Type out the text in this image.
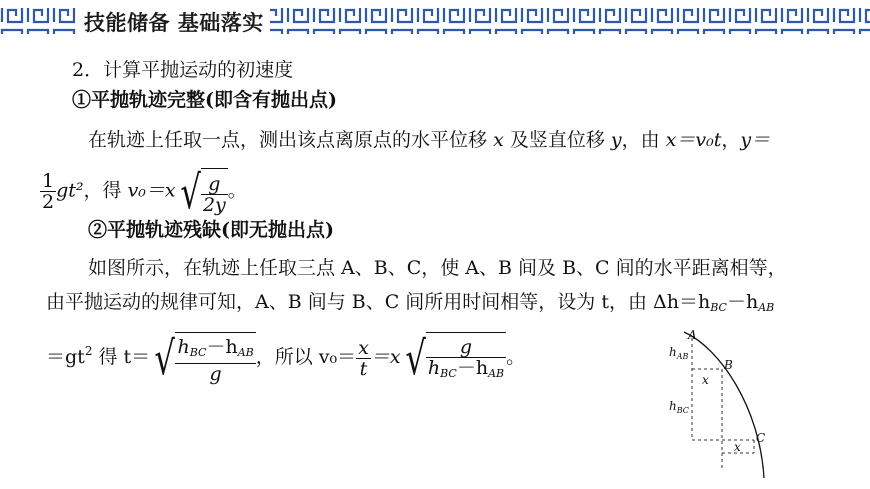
技能储备 基础落实
2．计算平抛运动的初速度
①平抛轨迹完整(即含有抛出点)
在轨迹上任取一点，测出该点离原点的水平位移 x 及竖直位移 y，由 x＝v₀t，y＝
$\frac{1}{2} gt^2$，得 $v_0=x√ \frac{g}{2y}$ 。
②平抛轨迹残缺(即无抛出点)
如图所示，在轨迹上任取三点 A、B、C，使 A、B 间及 B、C 间的水平距离相等，
由平抛运动的规律可知，A、B 间与 B、C 间所用时间相等，设为 t，由 $\Delta h=h_{BC}-h_{AB}$
$=gt^2$ 得 $t=√ \frac{h_{BC}-h_{AB}}{g}$ ，所以 $v_0= \frac{x}{t} =x√ \frac{g}{h_{BC}-h_{AB}}$ 。
A
B
C
$h_{AB}$
$h_{BC}$
x
x
